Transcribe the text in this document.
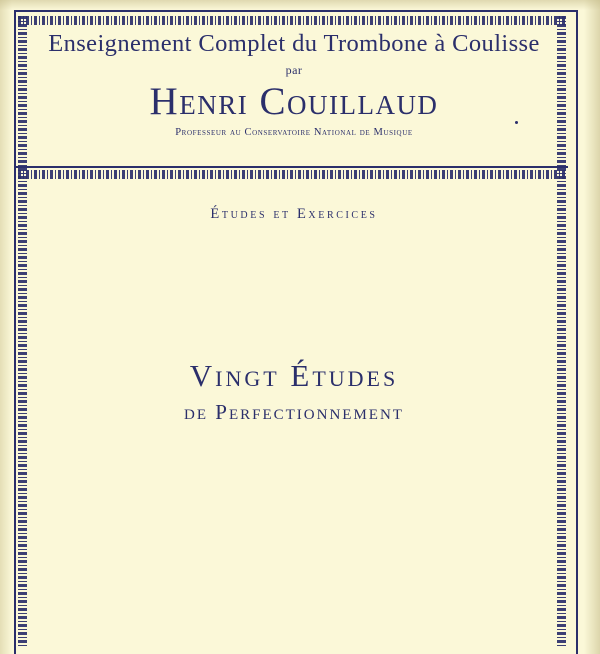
Enseignement Complet du Trombone à Coulisse
par
Henri Couillaud
Professeur au Conservatoire National de Musique
Études et Exercices
Vingt Études
de Perfectionnement
